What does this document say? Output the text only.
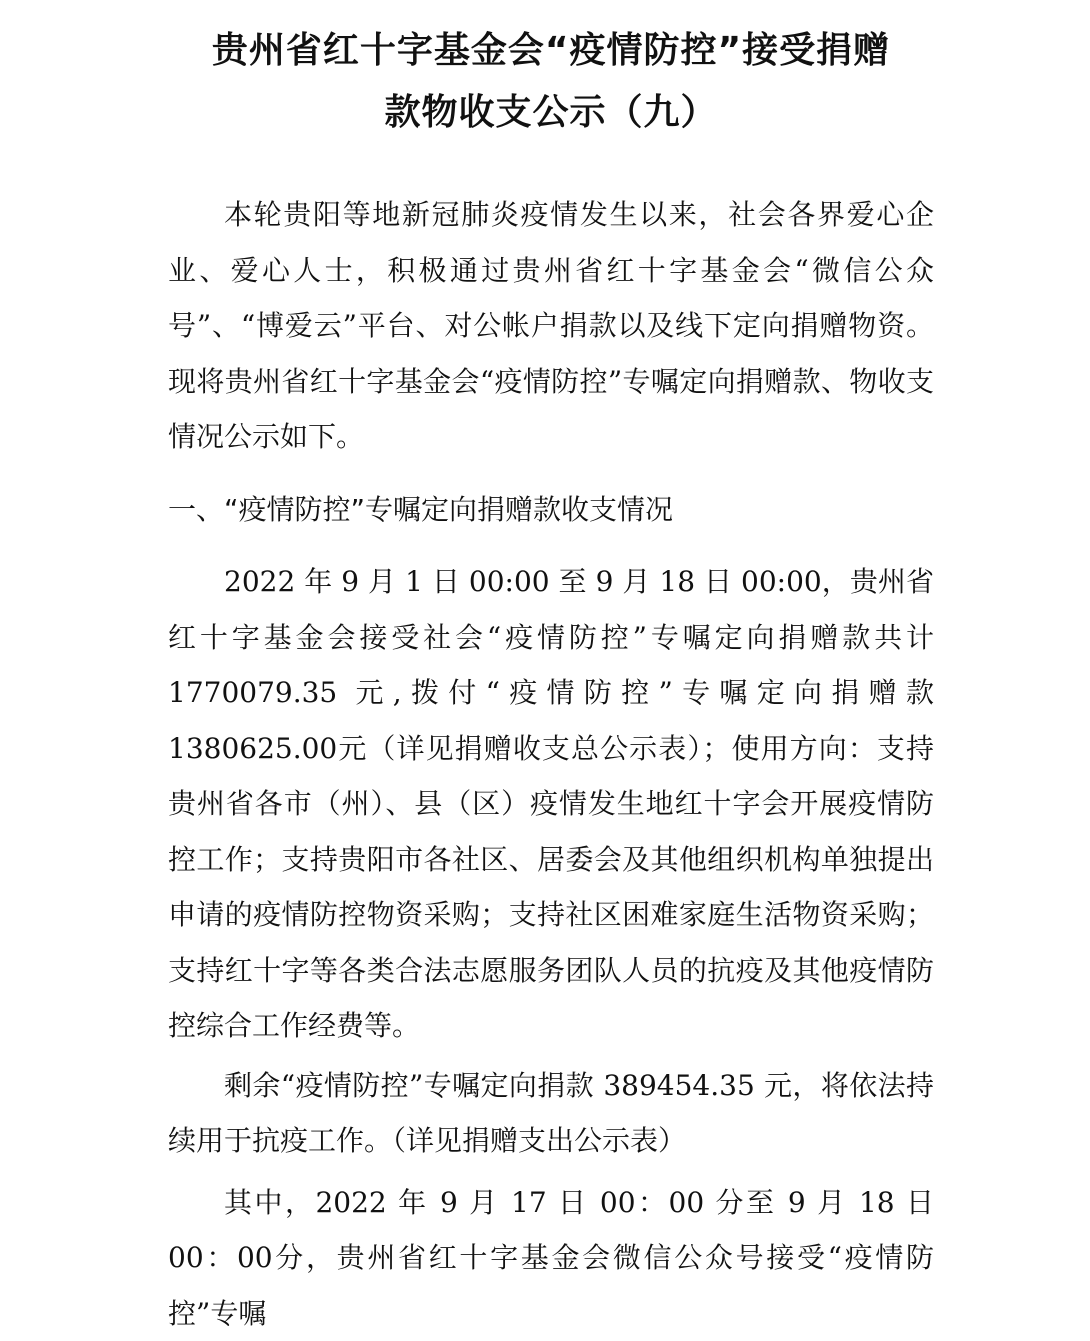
贵州省红十字基金会“疫情防控”接受捐赠
款物收支公示（九）

本轮贵阳等地新冠肺炎疫情发生以来，社会各界爱心企业、爱心人士，积极通过贵州省红十字基金会“微信公众号”、“博爱云”平台、对公帐户捐款以及线下定向捐赠物资。现将贵州省红十字基金会“疫情防控”专嘱定向捐赠款、物收支情况公示如下。

一、“疫情防控”专嘱定向捐赠款收支情况

2022 年 9 月 1 日 00:00 至 9 月 18 日 00:00，贵州省红十字基金会接受社会“疫情防控”专嘱定向捐赠款共计1770079.35 元,拨付“疫情防控”专嘱定向捐赠款 1380625.00元（详见捐赠收支总公示表）；使用方向：支持贵州省各市（州）、县（区）疫情发生地红十字会开展疫情防控工作；支持贵阳市各社区、居委会及其他组织机构单独提出申请的疫情防控物资采购；支持社区困难家庭生活物资采购；支持红十字等各类合法志愿服务团队人员的抗疫及其他疫情防控综合工作经费等。

剩余“疫情防控”专嘱定向捐款 389454.35 元，将依法持续用于抗疫工作。（详见捐赠支出公示表）

其中，2022 年 9 月 17 日 00：00 分至 9 月 18 日 00：00分，贵州省红十字基金会微信公众号接受“疫情防控”专嘱
